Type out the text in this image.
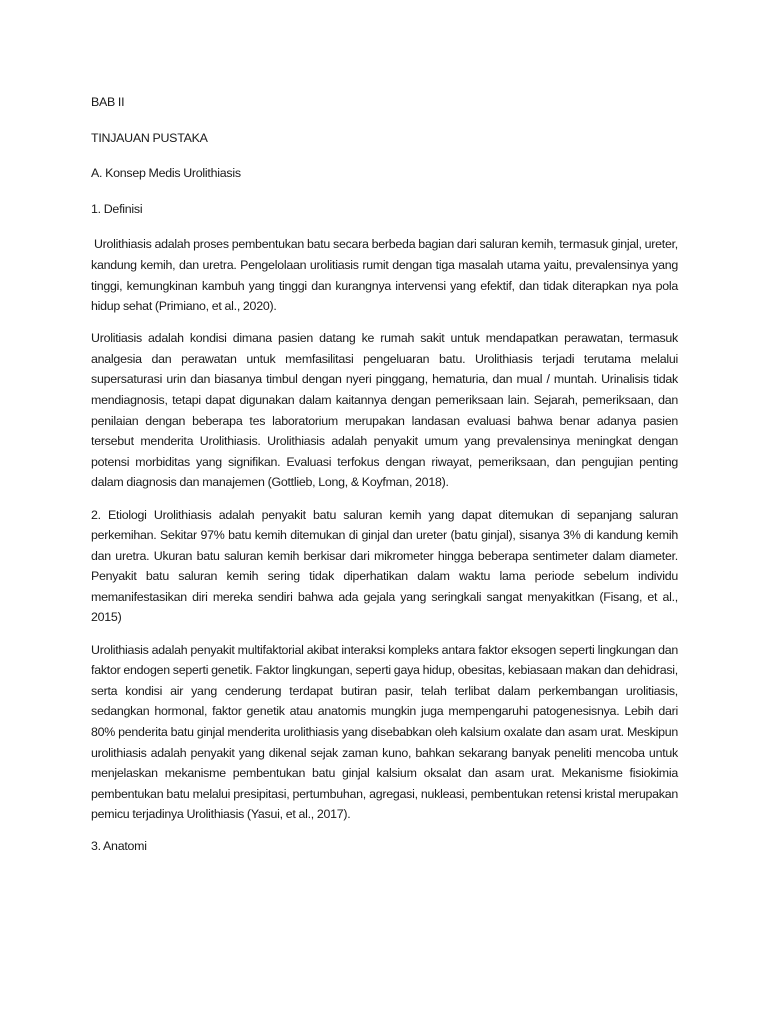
BAB II

TINJAUAN PUSTAKA

A. Konsep Medis Urolithiasis

1. Definisi

Urolithiasis adalah proses pembentukan batu secara berbeda bagian dari saluran kemih, termasuk ginjal, ureter, kandung kemih, dan uretra. Pengelolaan urolitiasis rumit dengan tiga masalah utama yaitu, prevalensinya yang tinggi, kemungkinan kambuh yang tinggi dan kurangnya intervensi yang efektif, dan tidak diterapkan nya pola hidup sehat (Primiano, et al., 2020).

Urolitiasis adalah kondisi dimana pasien datang ke rumah sakit untuk mendapatkan perawatan, termasuk analgesia dan perawatan untuk memfasilitasi pengeluaran batu. Urolithiasis terjadi terutama melalui supersaturasi urin dan biasanya timbul dengan nyeri pinggang, hematuria, dan mual / muntah. Urinalisis tidak mendiagnosis, tetapi dapat digunakan dalam kaitannya dengan pemeriksaan lain. Sejarah, pemeriksaan, dan penilaian dengan beberapa tes laboratorium merupakan landasan evaluasi bahwa benar adanya pasien tersebut menderita Urolithiasis. Urolithiasis adalah penyakit umum yang prevalensinya meningkat dengan potensi morbiditas yang signifikan. Evaluasi terfokus dengan riwayat, pemeriksaan, dan pengujian penting dalam diagnosis dan manajemen (Gottlieb, Long, & Koyfman, 2018).

2. Etiologi Urolithiasis adalah penyakit batu saluran kemih yang dapat ditemukan di sepanjang saluran perkemihan. Sekitar 97% batu kemih ditemukan di ginjal dan ureter (batu ginjal), sisanya 3% di kandung kemih dan uretra. Ukuran batu saluran kemih berkisar dari mikrometer hingga beberapa sentimeter dalam diameter. Penyakit batu saluran kemih sering tidak diperhatikan dalam waktu lama periode sebelum individu memanifestasikan diri mereka sendiri bahwa ada gejala yang seringkali sangat menyakitkan (Fisang, et al., 2015)

Urolithiasis adalah penyakit multifaktorial akibat interaksi kompleks antara faktor eksogen seperti lingkungan dan faktor endogen seperti genetik. Faktor lingkungan, seperti gaya hidup, obesitas, kebiasaan makan dan dehidrasi, serta kondisi air yang cenderung terdapat butiran pasir, telah terlibat dalam perkembangan urolitiasis, sedangkan hormonal, faktor genetik atau anatomis mungkin juga mempengaruhi patogenesisnya. Lebih dari 80% penderita batu ginjal menderita urolithiasis yang disebabkan oleh kalsium oxalate dan asam urat. Meskipun urolithiasis adalah penyakit yang dikenal sejak zaman kuno, bahkan sekarang banyak peneliti mencoba untuk menjelaskan mekanisme pembentukan batu ginjal kalsium oksalat dan asam urat. Mekanisme fisiokimia pembentukan batu melalui presipitasi, pertumbuhan, agregasi, nukleasi, pembentukan retensi kristal merupakan pemicu terjadinya Urolithiasis (Yasui, et al., 2017).

3. Anatomi
